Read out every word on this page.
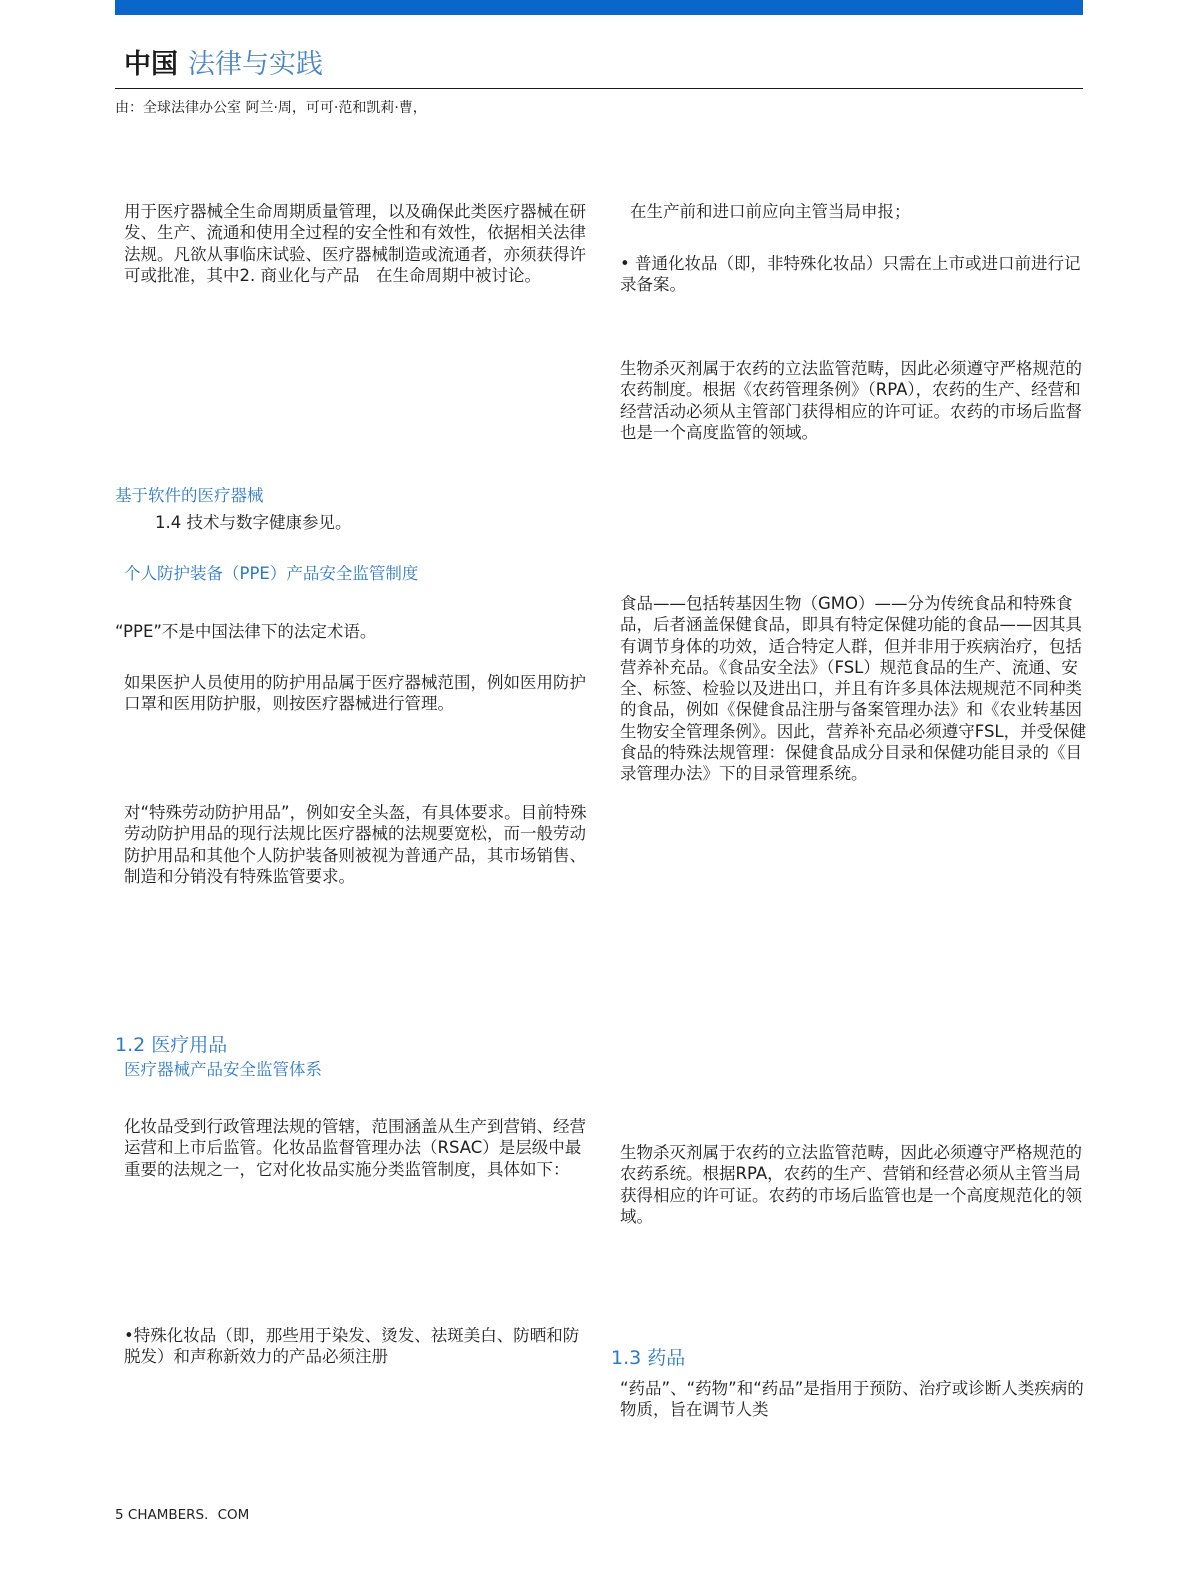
中国 法律与实践
由：全球法律办公室 阿兰·周，可可·范和凯莉·曹，

用于医疗器械全生命周期质量管理，以及确保此类医疗器械在研发、生产、流通和使用全过程的安全性和有效性，依据相关法律法规。凡欲从事临床试验、医疗器械制造或流通者，亦须获得许可或批准，其中2. 商业化与产品　在生命周期中被讨论。

基于软件的医疗器械

1.4 技术与数字健康参见。

个人防护装备（PPE）产品安全监管制度

“PPE”不是中国法律下的法定术语。

如果医护人员使用的防护用品属于医疗器械范围，例如医用防护口罩和医用防护服，则按医疗器械进行管理。

对“特殊劳动防护用品”，例如安全头盔，有具体要求。目前特殊劳动防护用品的现行法规比医疗器械的法规要宽松，而一般劳动防护用品和其他个人防护装备则被视为普通产品，其市场销售、制造和分销没有特殊监管要求。

1.2 医疗用品
医疗器械产品安全监管体系

化妆品受到行政管理法规的管辖，范围涵盖从生产到营销、经营运营和上市后监管。化妆品监督管理办法（RSAC）是层级中最重要的法规之一，它对化妆品实施分类监管制度，具体如下：

•特殊化妆品（即，那些用于染发、烫发、祛斑美白、防晒和防脱发）和声称新效力的产品必须注册

在生产前和进口前应向主管当局申报；

• 普通化妆品（即，非特殊化妆品）只需在上市或进口前进行记录备案。

生物杀灭剂属于农药的立法监管范畴，因此必须遵守严格规范的农药制度。根据《农药管理条例》（RPA），农药的生产、经营和经营活动必须从主管部门获得相应的许可证。农药的市场后监督也是一个高度监管的领域。

食品——包括转基因生物（GMO）——分为传统食品和特殊食品，后者涵盖保健食品，即具有特定保健功能的食品——因其具有调节身体的功效，适合特定人群，但并非用于疾病治疗，包括营养补充品。《食品安全法》（FSL）规范食品的生产、流通、安全、标签、检验以及进出口，并且有许多具体法规规范不同种类的食品，例如《保健食品注册与备案管理办法》和《农业转基因生物安全管理条例》。因此，营养补充品必须遵守FSL，并受保健食品的特殊法规管理：保健食品成分目录和保健功能目录的《目录管理办法》下的目录管理系统。

生物杀灭剂属于农药的立法监管范畴，因此必须遵守严格规范的农药系统。根据RPA，农药的生产、营销和经营必须从主管当局获得相应的许可证。农药的市场后监管也是一个高度规范化的领域。

1.3 药品

“药品”、“药物”和“药品”是指用于预防、治疗或诊断人类疾病的物质，旨在调节人类

5 CHAMBERS．COM
